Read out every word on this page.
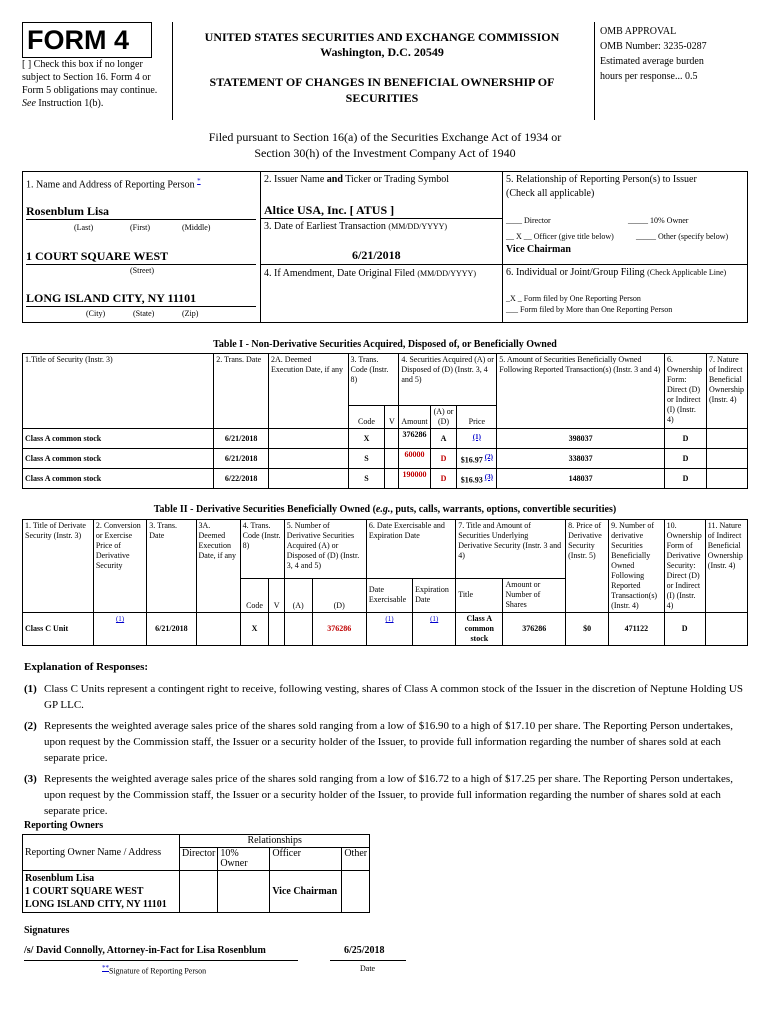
FORM 4
[ ] Check this box if no longer subject to Section 16. Form 4 or Form 5 obligations may continue. See Instruction 1(b).
UNITED STATES SECURITIES AND EXCHANGE COMMISSION
Washington, D.C. 20549
STATEMENT OF CHANGES IN BENEFICIAL OWNERSHIP OF
SECURITIES
OMB APPROVAL
OMB Number: 3235-0287
Estimated average burden
hours per response... 0.5
Filed pursuant to Section 16(a) of the Securities Exchange Act of 1934 or
Section 30(h) of the Investment Company Act of 1940
1. Name and Address of Reporting Person *
Rosenblum Lisa
(Last)	(First)	(Middle)
1 COURT SQUARE WEST
(Street)
LONG ISLAND CITY, NY 11101
(City)	(State)	(Zip)
2. Issuer Name and Ticker or Trading Symbol
Altice USA, Inc. [ ATUS ]
3. Date of Earliest Transaction (MM/DD/YYYY)
6/21/2018
4. If Amendment, Date Original Filed (MM/DD/YYYY)
5. Relationship of Reporting Person(s) to Issuer
(Check all applicable)
____ Director	_____ 10% Owner
__ X __ Officer (give title below)	_____ Other (specify below)
Vice Chairman
6. Individual or Joint/Group Filing (Check Applicable Line)
_X _ Form filed by One Reporting Person
___ Form filed by More than One Reporting Person
Table I - Non-Derivative Securities Acquired, Disposed of, or Beneficially Owned
1.Title of Security (Instr. 3)	2. Trans. Date	2A. Deemed Execution Date, if any	3. Trans. Code (Instr. 8)		4. Securities Acquired (A) or Disposed of (D) (Instr. 3, 4 and 5)			5. Amount of Securities Beneficially Owned Following Reported Transaction(s) (Instr. 3 and 4)	6. Ownership Form: Direct (D) or Indirect (I) (Instr. 4)	7. Nature of Indirect Beneficial Ownership (Instr. 4)
			Code	V	Amount	(A) or (D)	Price			
Class A common stock	6/21/2018		X		376286	A	(1)	398037	D	
Class A common stock	6/21/2018		S		60000	D	$16.97 (2)	338037	D	
Class A common stock	6/22/2018		S		190000	D	$16.93 (3)	148037	D	
Table II - Derivative Securities Beneficially Owned (e.g., puts, calls, warrants, options, convertible securities)
1. Title of Derivate Security (Instr. 3)	2. Conversion or Exercise Price of Derivative Security	3. Trans. Date	3A. Deemed Execution Date, if any	4. Trans. Code (Instr. 8)		5. Number of Derivative Securities Acquired (A) or Disposed of (D) (Instr. 3, 4 and 5)		6. Date Exercisable and Expiration Date		7. Title and Amount of Securities Underlying Derivative Security (Instr. 3 and 4)		8. Price of Derivative Security (Instr. 5)	9. Number of derivative Securities Beneficially Owned Following Reported Transaction(s) (Instr. 4)	10. Ownership Form of Derivative Security: Direct (D) or Indirect (I) (Instr. 4)	11. Nature of Indirect Beneficial Ownership (Instr. 4)
				Code	V	(A)	(D)	Date Exercisable	Expiration Date	Title	Amount or Number of Shares				
Class C Unit	(1)	6/21/2018		X			376286	(1)	(1)	Class A common stock	376286	$0	471122	D	
Explanation of Responses:
(1) Class C Units represent a contingent right to receive, following vesting, shares of Class A common stock of the Issuer in the discretion of Neptune Holding US GP LLC.
(2) Represents the weighted average sales price of the shares sold ranging from a low of $16.90 to a high of $17.10 per share. The Reporting Person undertakes, upon request by the Commission staff, the Issuer or a security holder of the Issuer, to provide full information regarding the number of shares sold at each separate price.
(3) Represents the weighted average sales price of the shares sold ranging from a low of $16.72 to a high of $17.25 per share. The Reporting Person undertakes, upon request by the Commission staff, the Issuer or a security holder of the Issuer, to provide full information regarding the number of shares sold at each separate price.
Reporting Owners
Reporting Owner Name / Address	Relationships			
	Director	10% Owner	Officer	Other

Rosenblum Lisa
1 COURT SQUARE WEST
LONG ISLAND CITY, NY 11101			Vice Chairman	
Signatures
/s/ David Connolly, Attorney-in-Fact for Lisa Rosenblum	6/25/2018
**Signature of Reporting Person	Date
